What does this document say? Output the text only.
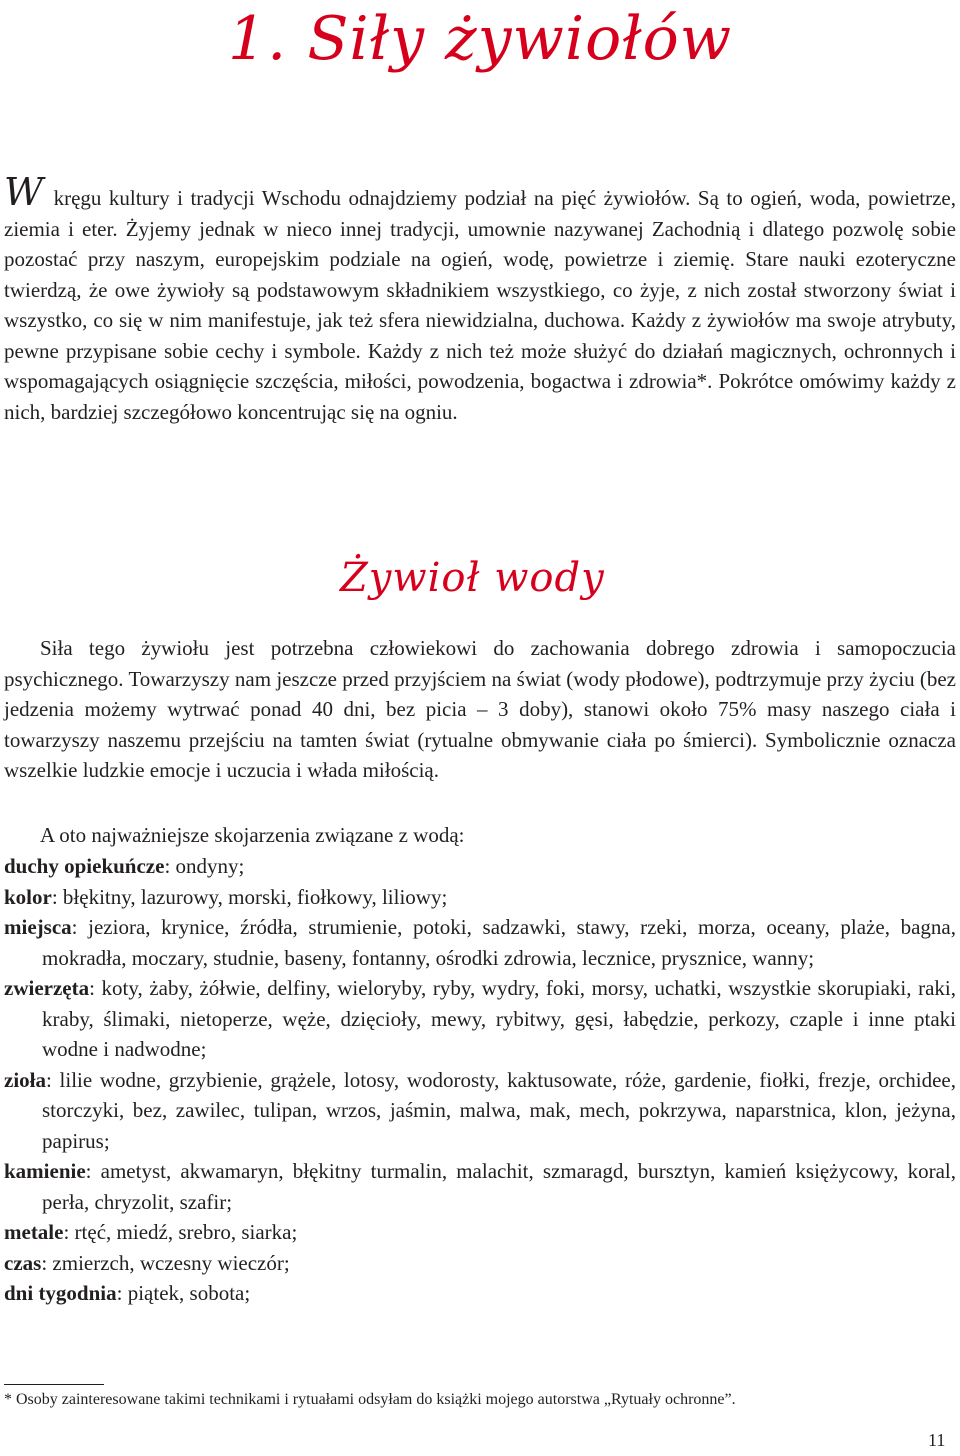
1. Siły żywiołów

W kręgu kultury i tradycji Wschodu odnajdziemy podział na pięć żywiołów. Są to ogień, woda, powietrze, ziemia i eter. Żyjemy jednak w nieco innej tradycji, umownie nazywanej Zachodnią i dlatego pozwolę sobie pozostać przy naszym, europejskim podziale na ogień, wodę, powietrze i ziemię. Stare nauki ezoteryczne twierdzą, że owe żywioły są podstawowym składnikiem wszystkiego, co żyje, z nich został stworzony świat i wszystko, co się w nim manifestuje, jak też sfera niewidzialna, duchowa. Każdy z żywiołów ma swoje atrybuty, pewne przypisane sobie cechy i symbole. Każdy z nich też może służyć do działań magicznych, ochronnych i wspomagających osiągnięcie szczęścia, miłości, powodzenia, bogactwa i zdrowia*. Pokrótce omówimy każdy z nich, bardziej szczegółowo koncentrując się na ogniu.

Żywioł wody

Siła tego żywiołu jest potrzebna człowiekowi do zachowania dobrego zdrowia i samopoczucia psychicznego. Towarzyszy nam jeszcze przed przyjściem na świat (wody płodowe), podtrzymuje przy życiu (bez jedzenia możemy wytrwać ponad 40 dni, bez picia – 3 doby), stanowi około 75% masy naszego ciała i towarzyszy naszemu przejściu na tamten świat (rytualne obmywanie ciała po śmierci). Symbolicznie oznacza wszelkie ludzkie emocje i uczucia i włada miłością.

A oto najważniejsze skojarzenia związane z wodą:

duchy opiekuńcze: ondyny;
kolor: błękitny, lazurowy, morski, fiołkowy, liliowy;
miejsca: jeziora, krynice, źródła, strumienie, potoki, sadzawki, stawy, rzeki, morza, oceany, plaże, bagna, mokradła, moczary, studnie, baseny, fontanny, ośrodki zdrowia, lecznice, prysznice, wanny;
zwierzęta: koty, żaby, żółwie, delfiny, wieloryby, ryby, wydry, foki, morsy, uchatki, wszystkie skorupiaki, raki, kraby, ślimaki, nietoperze, węże, dzięcioły, mewy, rybitwy, gęsi, łabędzie, perkozy, czaple i inne ptaki wodne i nadwodne;
zioła: lilie wodne, grzybienie, grążele, lotosy, wodorosty, kaktusowate, róże, gardenie, fiołki, frezje, orchidee, storczyki, bez, zawilec, tulipan, wrzos, jaśmin, malwa, mak, mech, pokrzywa, naparstnica, klon, jeżyna, papirus;
kamienie: ametyst, akwamaryn, błękitny turmalin, malachit, szmaragd, bursztyn, kamień księżycowy, koral, perła, chryzolit, szafir;
metale: rtęć, miedź, srebro, siarka;
czas: zmierzch, wczesny wieczór;
dni tygodnia: piątek, sobota;

* Osoby zainteresowane takimi technikami i rytuałami odsyłam do książki mojego autorstwa „Rytuały ochronne”.

11
